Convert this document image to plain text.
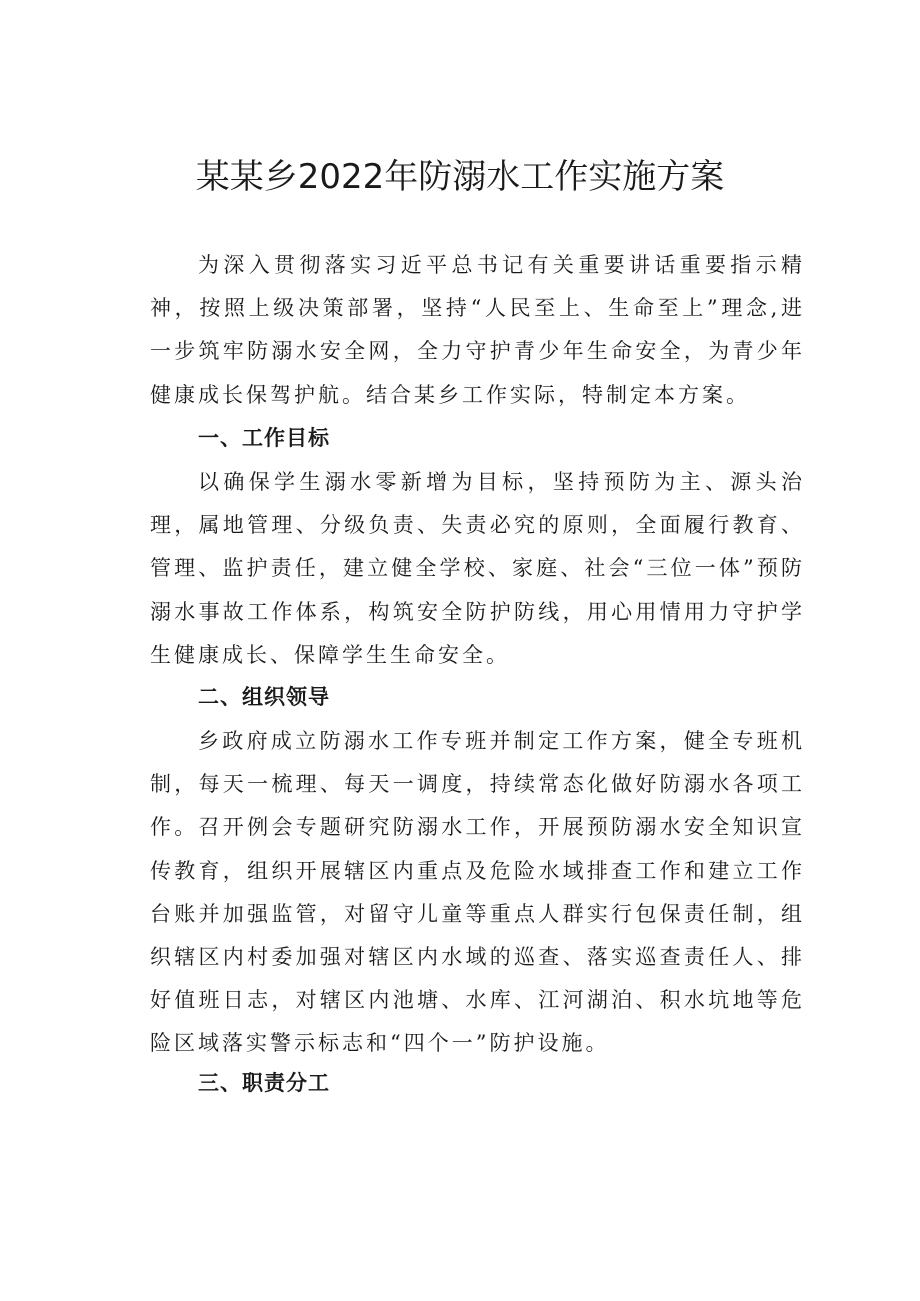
某某乡2022年防溺水工作实施方案

为深入贯彻落实习近平总书记有关重要讲话重要指示精神，按照上级决策部署，坚持“人民至上、生命至上”理念,进一步筑牢防溺水安全网，全力守护青少年生命安全，为青少年健康成长保驾护航。结合某乡工作实际，特制定本方案。

一、工作目标

以确保学生溺水零新增为目标，坚持预防为主、源头治理，属地管理、分级负责、失责必究的原则，全面履行教育、管理、监护责任，建立健全学校、家庭、社会“三位一体”预防溺水事故工作体系，构筑安全防护防线，用心用情用力守护学生健康成长、保障学生生命安全。

二、组织领导

乡政府成立防溺水工作专班并制定工作方案，健全专班机制，每天一梳理、每天一调度，持续常态化做好防溺水各项工作。召开例会专题研究防溺水工作，开展预防溺水安全知识宣传教育，组织开展辖区内重点及危险水域排查工作和建立工作台账并加强监管，对留守儿童等重点人群实行包保责任制，组织辖区内村委加强对辖区内水域的巡查、落实巡查责任人、排好值班日志，对辖区内池塘、水库、江河湖泊、积水坑地等危险区域落实警示标志和“四个一”防护设施。

三、职责分工
